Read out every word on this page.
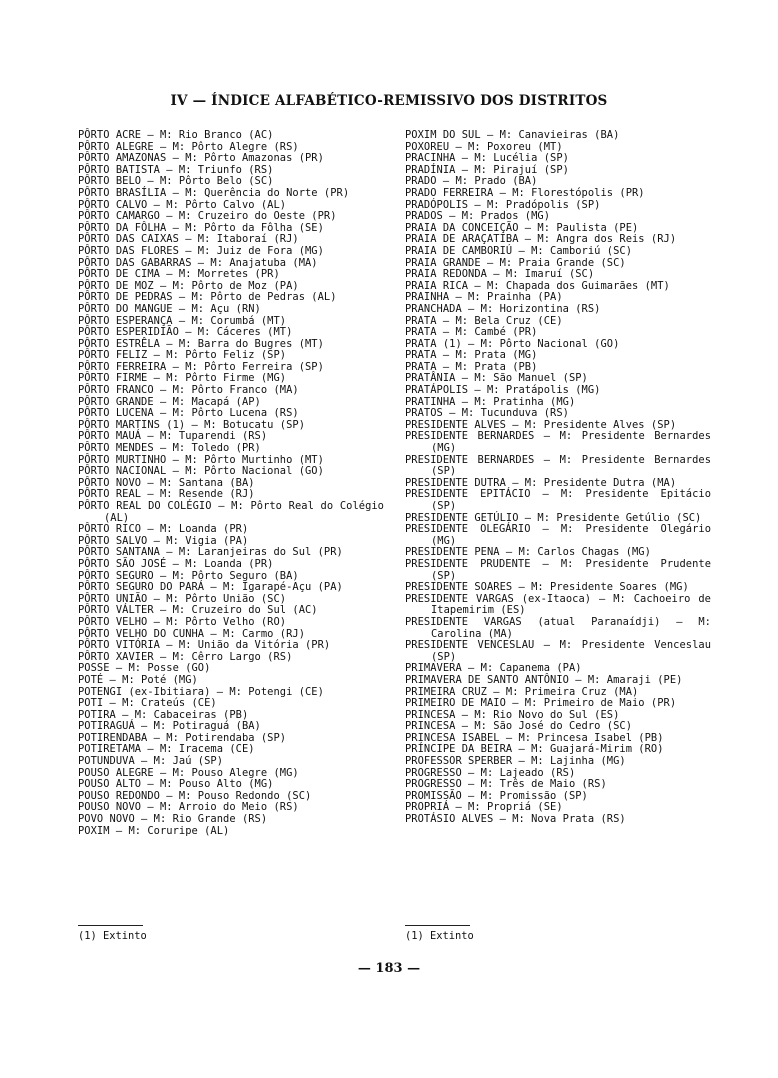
IV — ÍNDICE ALFABÉTICO-REMISSIVO DOS DISTRITOS
PÔRTO ACRE — M: Rio Branco (AC)
PÔRTO ALEGRE — M: Pôrto Alegre (RS)
PÔRTO AMAZONAS — M: Pôrto Amazonas (PR)
PÔRTO BATISTA — M: Triunfo (RS)
PÔRTO BELO — M: Pôrto Belo (SC)
PÔRTO BRASÍLIA — M: Querência do Norte (PR)
PÔRTO CALVO — M: Pôrto Calvo (AL)
PÔRTO CAMARGO — M: Cruzeiro do Oeste (PR)
PÔRTO DA FÔLHA — M: Pôrto da Fôlha (SE)
PÔRTO DAS CAIXAS — M: Itaboraí (RJ)
PÔRTO DAS FLORES — M: Juiz de Fora (MG)
PÔRTO DAS GABARRAS — M: Anajatuba (MA)
PÔRTO DE CIMA — M: Morretes (PR)
PÔRTO DE MOZ — M: Pôrto de Moz (PA)
PÔRTO DE PEDRAS — M: Pôrto de Pedras (AL)
PÔRTO DO MANGUE — M: Açu (RN)
PÔRTO ESPERANÇA — M: Corumbá (MT)
PÔRTO ESPERIDIÃO — M: Cáceres (MT)
PÔRTO ESTRÊLA — M: Barra do Bugres (MT)
PÔRTO FELIZ — M: Pôrto Feliz (SP)
PÔRTO FERREIRA — M: Pôrto Ferreira (SP)
PÔRTO FIRME — M: Pôrto Firme (MG)
PÔRTO FRANCO — M: Pôrto Franco (MA)
PÔRTO GRANDE — M: Macapá (AP)
PÔRTO LUCENA — M: Pôrto Lucena (RS)
PÔRTO MARTINS (1) — M: Botucatu (SP)
PÔRTO MAUÁ — M: Tuparendi (RS)
PÔRTO MENDES — M: Toledo (PR)
PÔRTO MURTINHO — M: Pôrto Murtinho (MT)
PÔRTO NACIONAL — M: Pôrto Nacional (GO)
PÔRTO NOVO — M: Santana (BA)
PÔRTO REAL — M: Resende (RJ)
PÔRTO REAL DO COLÉGIO — M: Pôrto Real do Colégio (AL)
PÔRTO RICO — M: Loanda (PR)
PÔRTO SALVO — M: Vigia (PA)
PÔRTO SANTANA — M: Laranjeiras do Sul (PR)
PÔRTO SÃO JOSÉ — M: Loanda (PR)
PÔRTO SEGURO — M: Pôrto Seguro (BA)
PÔRTO SEGURO DO PARÁ — M: Igarapé-Açu (PA)
PÔRTO UNIÃO — M: Pôrto União (SC)
PÔRTO VÁLTER — M: Cruzeiro do Sul (AC)
PÔRTO VELHO — M: Pôrto Velho (RO)
PÔRTO VELHO DO CUNHA — M: Carmo (RJ)
PÔRTO VITÓRIA — M: União da Vitória (PR)
PÔRTO XAVIER — M: Cêrro Largo (RS)
POSSE — M: Posse (GO)
POTÉ — M: Poté (MG)
POTENGI (ex-Ibitiara) — M: Potengi (CE)
POTI — M: Crateús (CE)
POTIRA — M: Cabaceiras (PB)
POTIRAGUÁ — M: Potiraguá (BA)
POTIRENDABA — M: Potirendaba (SP)
POTIRETAMA — M: Iracema (CE)
POTUNDUVA — M: Jaú (SP)
POUSO ALEGRE — M: Pouso Alegre (MG)
POUSO ALTO — M: Pouso Alto (MG)
POUSO REDONDO — M: Pouso Redondo (SC)
POUSO NOVO — M: Arroio do Meio (RS)
POVO NOVO — M: Rio Grande (RS)
POXIM — M: Coruripe (AL)
POXIM DO SUL — M: Canavieiras (BA)
POXOREU — M: Poxoreu (MT)
PRACINHA — M: Lucélia (SP)
PRADÍNIA — M: Pirajuí (SP)
PRADO — M: Prado (BA)
PRADO FERREIRA — M: Florestópolis (PR)
PRADÓPOLIS — M: Pradópolis (SP)
PRADOS — M: Prados (MG)
PRAIA DA CONCEIÇÃO — M: Paulista (PE)
PRAIA DE ARAÇATIBA — M: Angra dos Reis (RJ)
PRAIA DE CAMBORIÚ — M: Camboriú (SC)
PRAIA GRANDE — M: Praia Grande (SC)
PRAIA REDONDA — M: Imaruí (SC)
PRAIA RICA — M: Chapada dos Guimarães (MT)
PRAINHA — M: Prainha (PA)
PRANCHADA — M: Horizontina (RS)
PRATA — M: Bela Cruz (CE)
PRATA — M: Cambé (PR)
PRATA (1) — M: Pôrto Nacional (GO)
PRATA — M: Prata (MG)
PRATA — M: Prata (PB)
PRATÂNIA — M: São Manuel (SP)
PRATÁPOLIS — M: Pratápolis (MG)
PRATINHA — M: Pratinha (MG)
PRATOS — M: Tucunduva (RS)
PRESIDENTE ALVES — M: Presidente Alves (SP)
PRESIDENTE BERNARDES — M: Presidente Bernardes (MG)
PRESIDENTE BERNARDES — M: Presidente Bernardes (SP)
PRESIDENTE DUTRA — M: Presidente Dutra (MA)
PRESIDENTE EPITÁCIO — M: Presidente Epitácio (SP)
PRESIDENTE GETÚLIO — M: Presidente Getúlio (SC)
PRESIDENTE OLEGÁRIO — M: Presidente Olegário (MG)
PRESIDENTE PENA — M: Carlos Chagas (MG)
PRESIDENTE PRUDENTE — M: Presidente Prudente (SP)
PRESIDENTE SOARES — M: Presidente Soares (MG)
PRESIDENTE VARGAS (ex-Itaoca) — M: Cachoeiro de Itapemirim (ES)
PRESIDENTE VARGAS (atual Paranaídji) — M: Carolina (MA)
PRESIDENTE VENCESLAU — M: Presidente Venceslau (SP)
PRIMAVERA — M: Capanema (PA)
PRIMAVERA DE SANTO ANTÔNIO — M: Amaraji (PE)
PRIMEIRA CRUZ — M: Primeira Cruz (MA)
PRIMEIRO DE MAIO — M: Primeiro de Maio (PR)
PRINCESA — M: Rio Novo do Sul (ES)
PRINCESA — M: São José do Cedro (SC)
PRINCESA ISABEL — M: Princesa Isabel (PB)
PRÍNCIPE DA BEIRA — M: Guajará-Mirim (RO)
PROFESSOR SPERBER — M: Lajinha (MG)
PROGRESSO — M: Lajeado (RS)
PROGRESSO — M: Três de Maio (RS)
PROMISSÃO — M: Promissão (SP)
PROPRIÁ — M: Propriá (SE)
PROTÁSIO ALVES — M: Nova Prata (RS)
(1) Extinto	(1) Extinto
— 183 —
